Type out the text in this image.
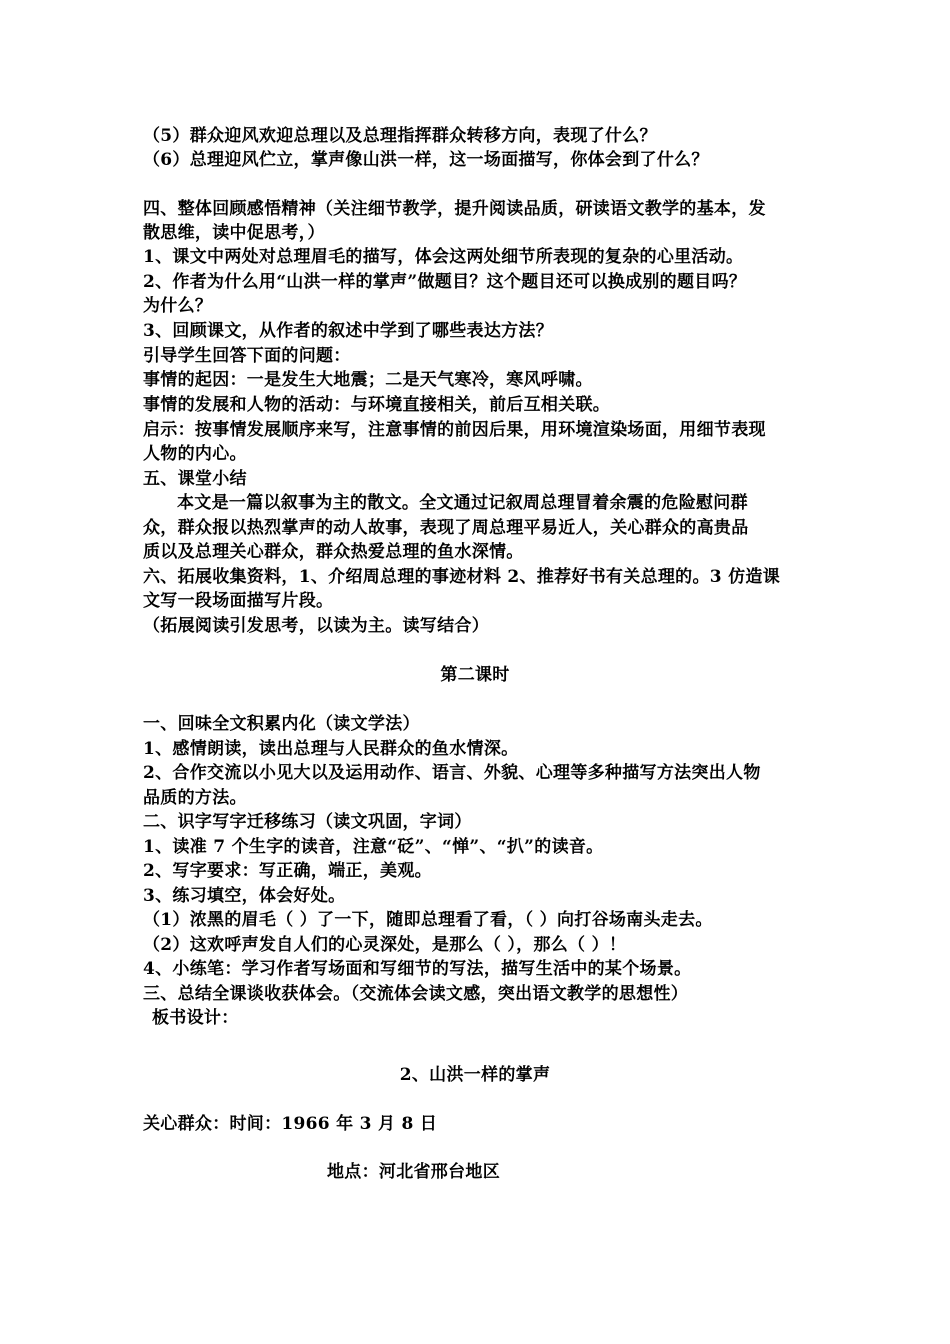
（5）群众迎风欢迎总理以及总理指挥群众转移方向，表现了什么？
（6）总理迎风伫立，掌声像山洪一样，这一场面描写，你体会到了什么？
四、整体回顾感悟精神（关注细节教学，提升阅读品质，研读语文教学的基本，发
散思维，读中促思考，）
1、课文中两处对总理眉毛的描写，体会这两处细节所表现的复杂的心里活动。
2、作者为什么用“山洪一样的掌声”做题目？这个题目还可以换成别的题目吗？
为什么？
3、回顾课文，从作者的叙述中学到了哪些表达方法？
引导学生回答下面的问题：
事情的起因：一是发生大地震；二是天气寒冷，寒风呼啸。
事情的发展和人物的活动：与环境直接相关，前后互相关联。
启示：按事情发展顺序来写，注意事情的前因后果，用环境渲染场面，用细节表现
人物的内心。
五、课堂小结
本文是一篇以叙事为主的散文。全文通过记叙周总理冒着余震的危险慰问群
众，群众报以热烈掌声的动人故事，表现了周总理平易近人，关心群众的高贵品
质以及总理关心群众，群众热爱总理的鱼水深情。
六、拓展收集资料，1、介绍周总理的事迹材料 2、推荐好书有关总理的。3 仿造课
文写一段场面描写片段。
（拓展阅读引发思考，以读为主。读写结合）
第二课时
一、回味全文积累内化（读文学法）
1、感情朗读，读出总理与人民群众的鱼水情深。
2、合作交流以小见大以及运用动作、语言、外貌、心理等多种描写方法突出人物
品质的方法。
二、识字写字迁移练习（读文巩固，字词）
1、读准 7 个生字的读音，注意“砭”、“惮”、“扒”的读音。
2、写字要求：写正确，端正，美观。
3、练习填空，体会好处。
（1）浓黑的眉毛（ ）了一下，随即总理看了看，（ ）向打谷场南头走去。
（2）这欢呼声发自人们的心灵深处，是那么（ ），那么（ ）！
4、小练笔：学习作者写场面和写细节的写法，描写生活中的某个场景。
三、总结全课谈收获体会。（交流体会读文感，突出语文教学的思想性）
板书设计：
2、山洪一样的掌声
关心群众：时间：1966 年 3 月 8 日
地点：河北省邢台地区
